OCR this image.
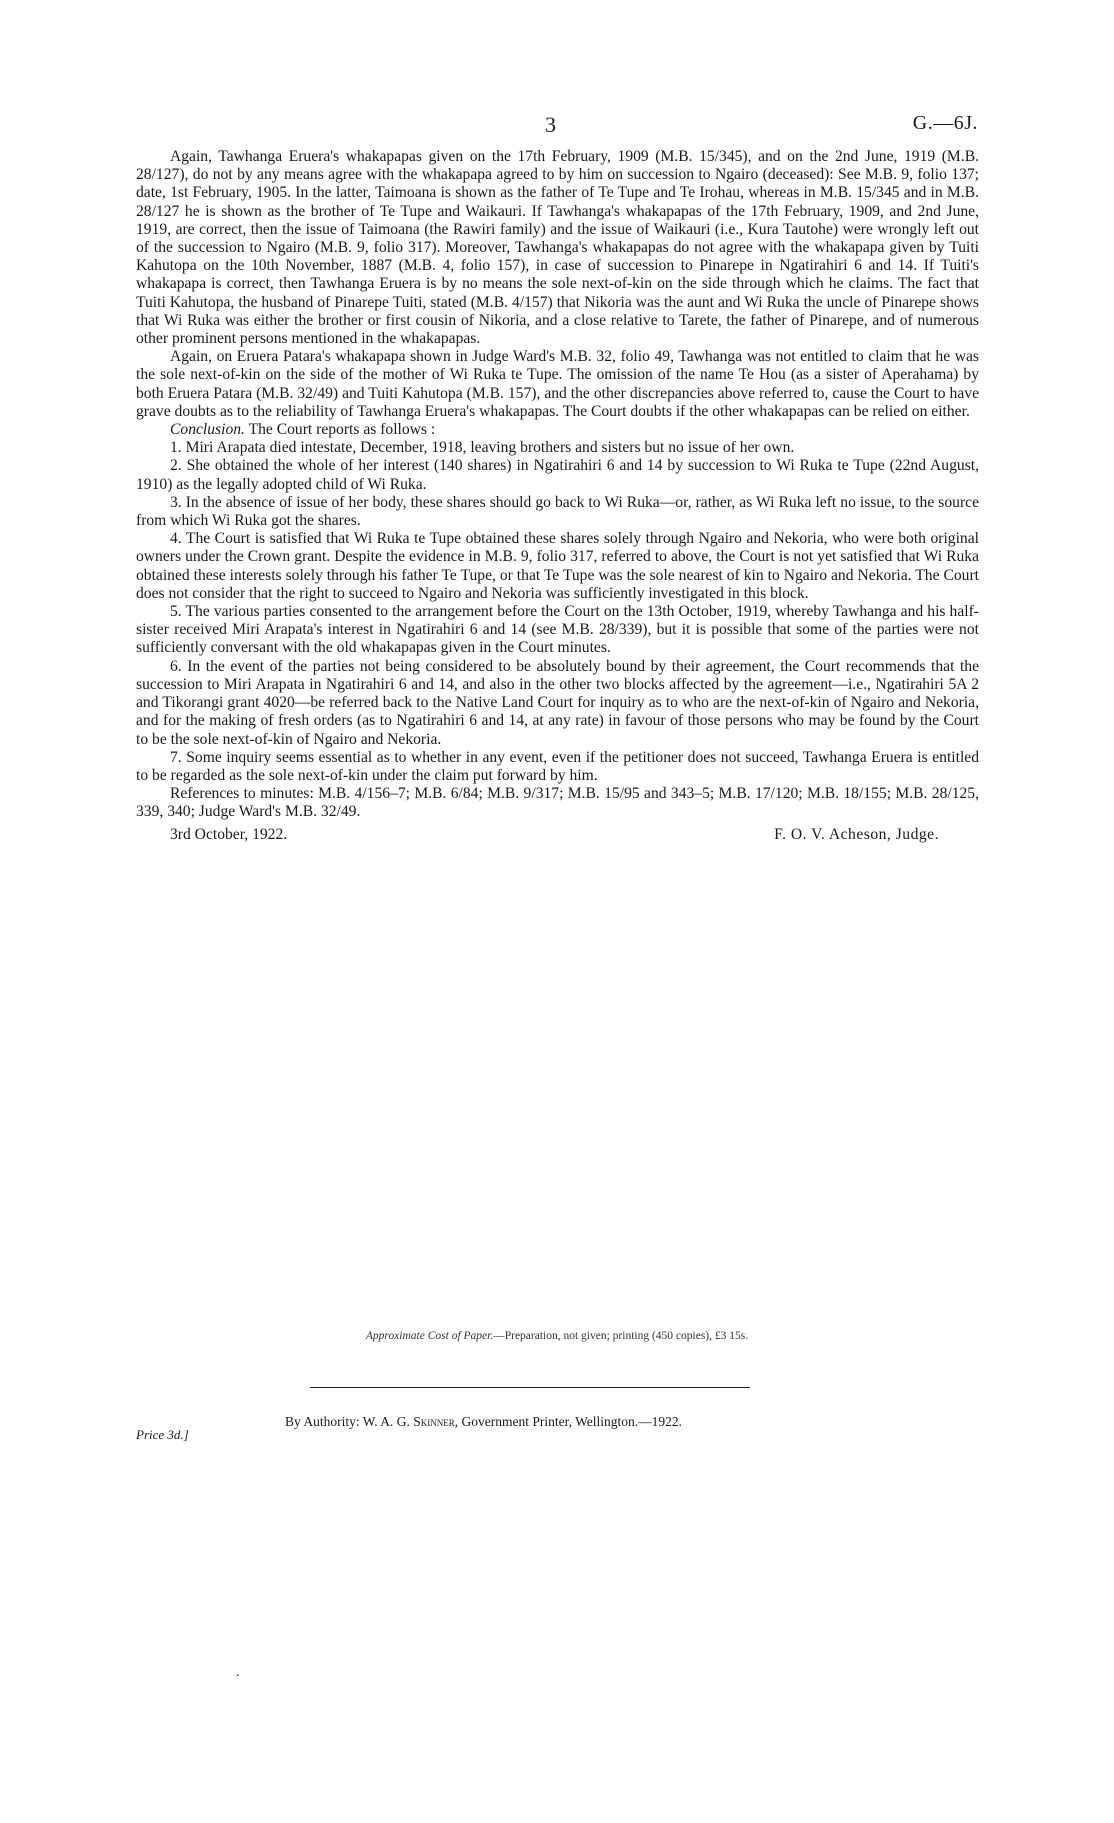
3	G.—6J.

Again, Tawhanga Eruera's whakapapas given on the 17th February, 1909 (M.B. 15/345), and on the 2nd June, 1919 (M.B. 28/127), do not by any means agree with the whakapapa agreed to by him on succession to Ngairo (deceased): See M.B. 9, folio 137; date, 1st February, 1905. In the latter, Taimoana is shown as the father of Te Tupe and Te Irohau, whereas in M.B. 15/345 and in M.B. 28/127 he is shown as the brother of Te Tupe and Waikauri. If Tawhanga's whakapapas of the 17th February, 1909, and 2nd June, 1919, are correct, then the issue of Taimoana (the Rawiri family) and the issue of Waikauri (i.e., Kura Tautohe) were wrongly left out of the succession to Ngairo (M.B. 9, folio 317). Moreover, Tawhanga's whakapapas do not agree with the whakapapa given by Tuiti Kahutopa on the 10th November, 1887 (M.B. 4, folio 157), in case of succession to Pinarepe in Ngatirahiri 6 and 14. If Tuiti's whakapapa is correct, then Tawhanga Eruera is by no means the sole next-of-kin on the side through which he claims. The fact that Tuiti Kahutopa, the husband of Pinarepe Tuiti, stated (M.B. 4/157) that Nikoria was the aunt and Wi Ruka the uncle of Pinarepe shows that Wi Ruka was either the brother or first cousin of Nikoria, and a close relative to Tarete, the father of Pinarepe, and of numerous other prominent persons mentioned in the whakapapas.

Again, on Eruera Patara's whakapapa shown in Judge Ward's M.B. 32, folio 49, Tawhanga was not entitled to claim that he was the sole next-of-kin on the side of the mother of Wi Ruka te Tupe. The omission of the name Te Hou (as a sister of Aperahama) by both Eruera Patara (M.B. 32/49) and Tuiti Kahutopa (M.B. 157), and the other discrepancies above referred to, cause the Court to have grave doubts as to the reliability of Tawhanga Eruera's whakapapas. The Court doubts if the other whakapapas can be relied on either.

Conclusion. The Court reports as follows :

1. Miri Arapata died intestate, December, 1918, leaving brothers and sisters but no issue of her own.

2. She obtained the whole of her interest (140 shares) in Ngatirahiri 6 and 14 by succession to Wi Ruka te Tupe (22nd August, 1910) as the legally adopted child of Wi Ruka.

3. In the absence of issue of her body, these shares should go back to Wi Ruka—or, rather, as Wi Ruka left no issue, to the source from which Wi Ruka got the shares.

4. The Court is satisfied that Wi Ruka te Tupe obtained these shares solely through Ngairo and Nekoria, who were both original owners under the Crown grant. Despite the evidence in M.B. 9, folio 317, referred to above, the Court is not yet satisfied that Wi Ruka obtained these interests solely through his father Te Tupe, or that Te Tupe was the sole nearest of kin to Ngairo and Nekoria. The Court does not consider that the right to succeed to Ngairo and Nekoria was sufficiently investigated in this block.

5. The various parties consented to the arrangement before the Court on the 13th October, 1919, whereby Tawhanga and his half-sister received Miri Arapata's interest in Ngatirahiri 6 and 14 (see M.B. 28/339), but it is possible that some of the parties were not sufficiently conversant with the old whakapapas given in the Court minutes.

6. In the event of the parties not being considered to be absolutely bound by their agreement, the Court recommends that the succession to Miri Arapata in Ngatirahiri 6 and 14, and also in the other two blocks affected by the agreement—i.e., Ngatirahiri 5A 2 and Tikorangi grant 4020—be referred back to the Native Land Court for inquiry as to who are the next-of-kin of Ngairo and Nekoria, and for the making of fresh orders (as to Ngatirahiri 6 and 14, at any rate) in favour of those persons who may be found by the Court to be the sole next-of-kin of Ngairo and Nekoria.

7. Some inquiry seems essential as to whether in any event, even if the petitioner does not succeed, Tawhanga Eruera is entitled to be regarded as the sole next-of-kin under the claim put forward by him.

References to minutes: M.B. 4/156–7; M.B. 6/84; M.B. 9/317; M.B. 15/95 and 343–5; M.B. 17/120; M.B. 18/155; M.B. 28/125, 339, 340; Judge Ward's M.B. 32/49.

3rd October, 1922.	F. O. V. Acheson, Judge.
Approximate Cost of Paper.—Preparation, not given; printing (450 copies), £3 15s.
Price 3d.]
By Authority: W. A. G. Skinner, Government Printer, Wellington.—1922.
.
